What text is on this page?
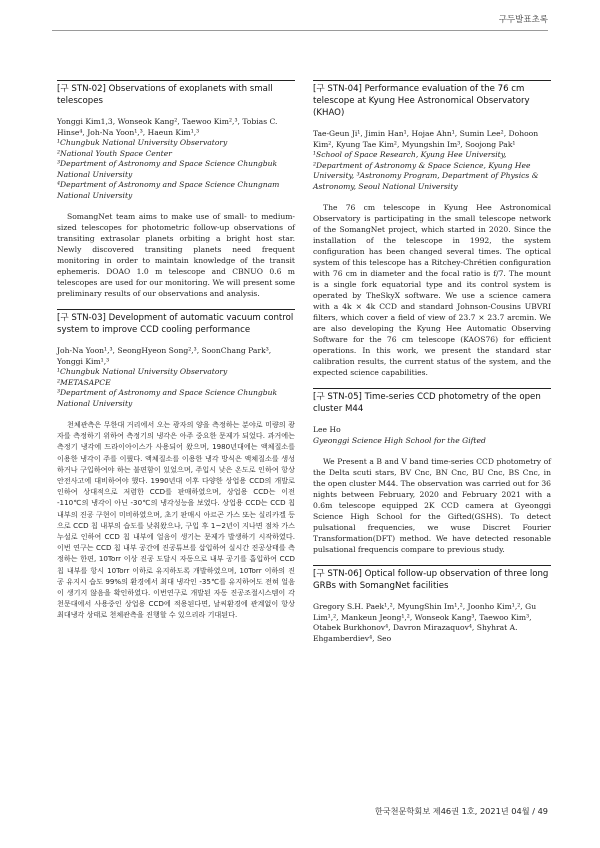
구두발표초록
[구 STN-02] Observations of exoplanets with small telescopes
Yonggi Kim1,3, Wonseok Kang², Taewoo Kim²,³, Tobias C. Hinse⁴, Joh-Na Yoon¹,³, Haeun Kim¹,³
¹Chungbuk National University Observatory
²National Youth Space Center
³Department of Astronomy and Space Science Chungbuk National University
⁴Department of Astronomy and Space Science Chungnam National University

SomangNet team aims to make use of small- to medium-sized telescopes for photometric follow-up observations of transiting extrasolar planets orbiting a bright host star. Newly discovered transiting planets need frequent monitoring in order to maintain knowledge of the transit ephemeris. DOAO 1.0 m telescope and CBNUO 0.6 m telescopes are used for our monitoring. We will present some preliminary results of our observations and analysis.

[구 STN-03] Development of automatic vacuum control system to improve CCD cooling performance
Joh-Na Yoon¹,³, SeongHyeon Song²,³, SoonChang Park³, Yonggi Kim¹,³
¹Chungbuk National University Observatory
²METASAPCE
³Department of Astronomy and Space Science Chungbuk National University

천체관측은 무한대 거리에서 오는 광자의 양을 측정하는 분야로 미량의 광자를 측정하기 위하여 측정기의 냉각은 아주 중요한 문제가 되었다. 과거에는 측정기 냉각에 드라이아이스가 사용되어 왔으며, 1980년대에는 액체질소를 이용한 냉각이 주를 이뤘다. 액체질소를 이용한 냉각 방식은 액체질소를 생성하거나 구입하여야 하는 불편함이 있었으며, 주입시 낮은 온도로 인하여 항상 안전사고에 대비하여야 했다. 1990년대 이후 다양한 상업용 CCD의 개발로 인하여 상대적으로 저렴한 CCD를 판매하였으며, 상업용 CCD는 이전 -110℃의 냉각이 아닌 -30℃의 냉각성능을 보였다. 상업용 CCD는 CCD 칩 내부의 진공 구현이 미비하였으며, 초기 판매시 아르곤 가스 또는 실리카겔 등으로 CCD 칩 내부의 습도를 낮춰왔으나, 구입 후 1~2년이 지나면 점차 가스 누설로 인하여 CCD 칩 내부에 얼음이 생기는 문제가 발생하기 시작하였다. 이번 연구는 CCD 칩 내부 공간에 진공튜브를 삽입하여 실시간 진공상태를 측정하는 한편, 10Torr 이상 진공 도달시 자동으로 내부 공기를 흡입하여 CCD 칩 내부를 항시 10Torr 이하로 유지하도록 개발하였으며, 10Torr 이하의 진공 유지시 습도 99%의 환경에서 최대 냉각인 -35℃를 유지하여도 전혀 얼음이 생기지 않음을 확인하였다. 이번연구로 개발된 자동 진공조절시스템이 각 천문대에서 사용중인 상업용 CCD에 적용된다면, 날씨환경에 관계없이 항상 최대냉각 상태로 천체관측을 진행할 수 있으리라 기대된다.

[구 STN-04] Performance evaluation of the 76 cm telescope at Kyung Hee Astronomical Observatory (KHAO)
Tae-Geun Ji¹, Jimin Han¹, Hojae Ahn¹, Sumin Lee², Dohoon Kim², Kyung Tae Kim², Myungshin Im³, Soojong Pak¹
¹School of Space Research, Kyung Hee University, ²Department of Astronomy & Space Science, Kyung Hee University, ³Astronomy Program, Department of Physics & Astronomy, Seoul National University

The 76 cm telescope in Kyung Hee Astronomical Observatory is participating in the small telescope network of the SomangNet project, which started in 2020. Since the installation of the telescope in 1992, the system configuration has been changed several times. The optical system of this telescope has a Ritchey-Chrétien configuration with 76 cm in diameter and the focal ratio is f/7. The mount is a single fork equatorial type and its control system is operated by TheSkyX software. We use a science camera with a 4k × 4k CCD and standard Johnson-Cousins UBVRI filters, which cover a field of view of 23.7 × 23.7 arcmin. We are also developing the Kyung Hee Automatic Observing Software for the 76 cm telescope (KAOS76) for efficient operations. In this work, we present the standard star calibration results, the current status of the system, and the expected science capabilities.

[구 STN-05] Time-series CCD photometry of the open cluster M44
Lee Ho
Gyeonggi Science High School for the Gifted

We Present a B and V band time-series CCD photometry of the Delta scuti stars, BV Cnc, BN Cnc, BU Cnc, BS Cnc, in the open cluster M44. The observation was carried out for 36 nights between February, 2020 and February 2021 with a 0.6m telescope equipped 2K CCD camera at Gyeonggi Science High School for the Gifted(GSHS). To detect pulsational frequencies, we wuse Discret Fourier Transformation(DFT) method. We have detected resonable pulsational frequencis compare to previous study.

[구 STN-06] Optical follow-up observation of three long GRBs with SomangNet facilities
Gregory S.H. Paek¹,², MyungShin Im¹,², Joonho Kim¹,², Gu Lim¹,², Mankeun Jeong¹,², Wonseok Kang³, Taewoo Kim³, Otabek Burkhonov⁴, Davron Mirazaquov⁴, Shyhrat A. Ehgamberdiev⁴, Seo
한국천문학회보 제46권 1호, 2021년 04월 / 49
